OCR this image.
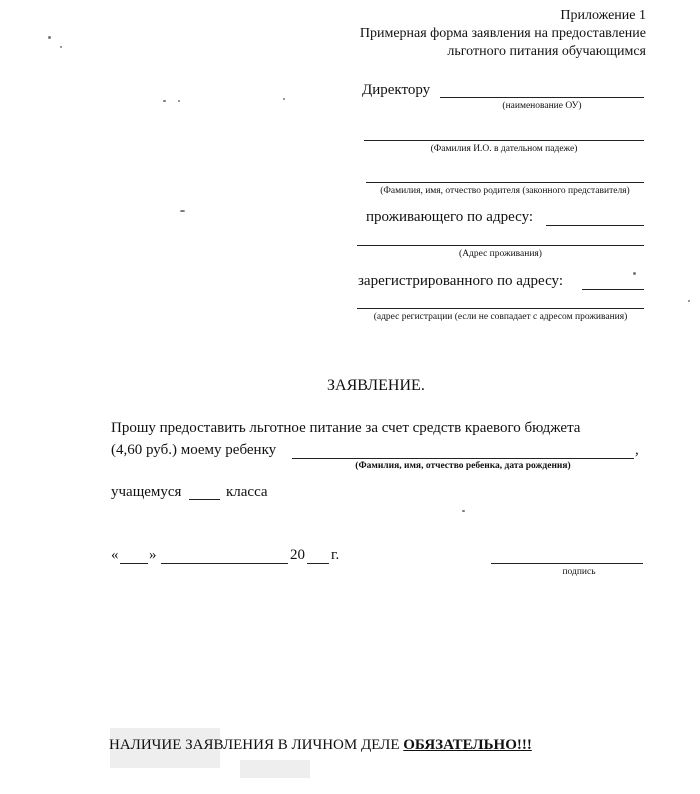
Приложение 1
Примерная форма заявления на предоставление
льготного питания обучающимся
Директору
(наименование ОУ)
(Фамилия И.О. в дательном падеже)
(Фамилия, имя, отчество родителя (законного представителя)
проживающего по адресу:
(Адрес проживания)
зарегистрированного по адресу:
(адрес регистрации (если не совпадает с адресом проживания)
ЗАЯВЛЕНИЕ.
Прошу предоставить льготное питание за счет средств краевого бюджета
(4,60 руб.) моему ребенку	,
(Фамилия, имя, отчество ребенка, дата рождения)
учащемуся	класса
« »	20 г.
подпись
НАЛИЧИЕ ЗАЯВЛЕНИЯ В ЛИЧНОМ ДЕЛЕ ОБЯЗАТЕЛЬНО!!!
